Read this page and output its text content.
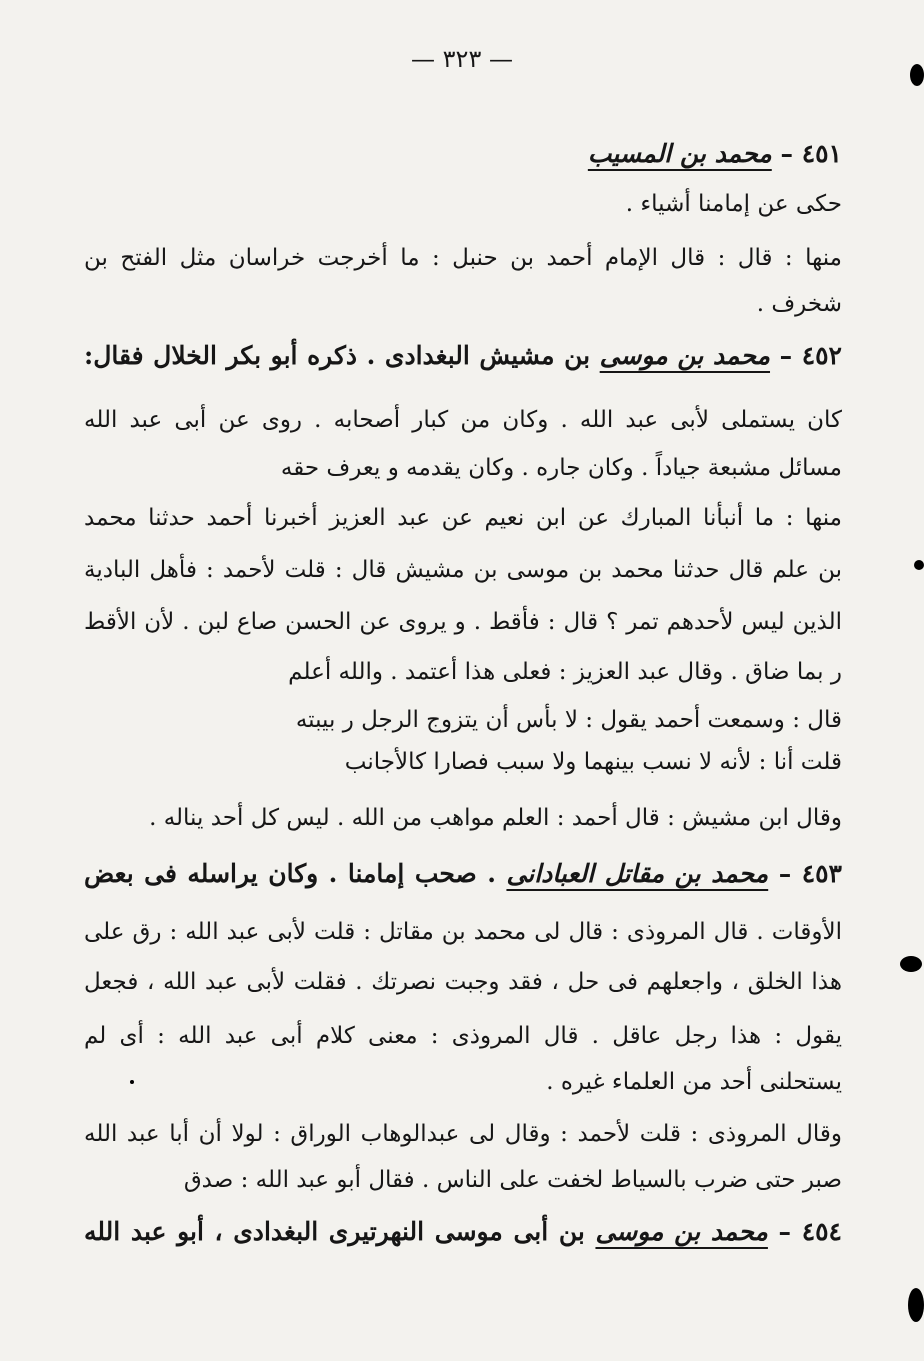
— ٣٢٣ —
٤٥١ – محمد بن المسيب
حكى عن إمامنا أشياء .
منها : قال : قال الإمام أحمد بن حنبل : ما أخرجت خراسان مثل الفتح بن
شخرف .
٤٥٢ – محمد بن موسى بن مشيش البغدادى . ذكره أبو بكر الخلال فقال:
كان يستملى لأبى عبد الله . وكان من كبار أصحابه . روى عن أبى عبد الله
مسائل مشبعة جياداً . وكان جاره . وكان يقدمه و يعرف حقه
منها : ما أنبأنا المبارك عن ابن نعيم عن عبد العزيز أخبرنا أحمد حدثنا محمد
بن علم قال حدثنا محمد بن موسى بن مشيش قال : قلت لأحمد : فأهل البادية
الذين ليس لأحدهم تمر ؟ قال : فأقط . و يروى عن الحسن صاع لبن . لأن الأقط
ر بما ضاق . وقال عبد العزيز : فعلى هذا أعتمد . والله أعلم
قال : وسمعت أحمد يقول : لا بأس أن يتزوج الرجل ر بيبته
قلت أنا : لأنه لا نسب بينهما ولا سبب فصارا كالأجانب
وقال ابن مشيش : قال أحمد : العلم مواهب من الله . ليس كل أحد يناله .
٤٥٣ – محمد بن مقاتل العبادانى . صحب إمامنا . وكان يراسله فى بعض
الأوقات . قال المروذى : قال لى محمد بن مقاتل : قلت لأبى عبد الله : رق على
هذا الخلق ، واجعلهم فى حل ، فقد وجبت نصرتك . فقلت لأبى عبد الله ، فجعل
يقول : هذا رجل عاقل . قال المروذى : معنى كلام أبى عبد الله : أى لم
يستحلنى أحد من العلماء غيره .
وقال المروذى : قلت لأحمد : وقال لى عبدالوهاب الوراق : لولا أن أبا عبد الله
صبر حتى ضرب بالسياط لخفت على الناس . فقال أبو عبد الله : صدق
٤٥٤ – محمد بن موسى بن أبى موسى النهرتيرى البغدادى ، أبو عبد الله
